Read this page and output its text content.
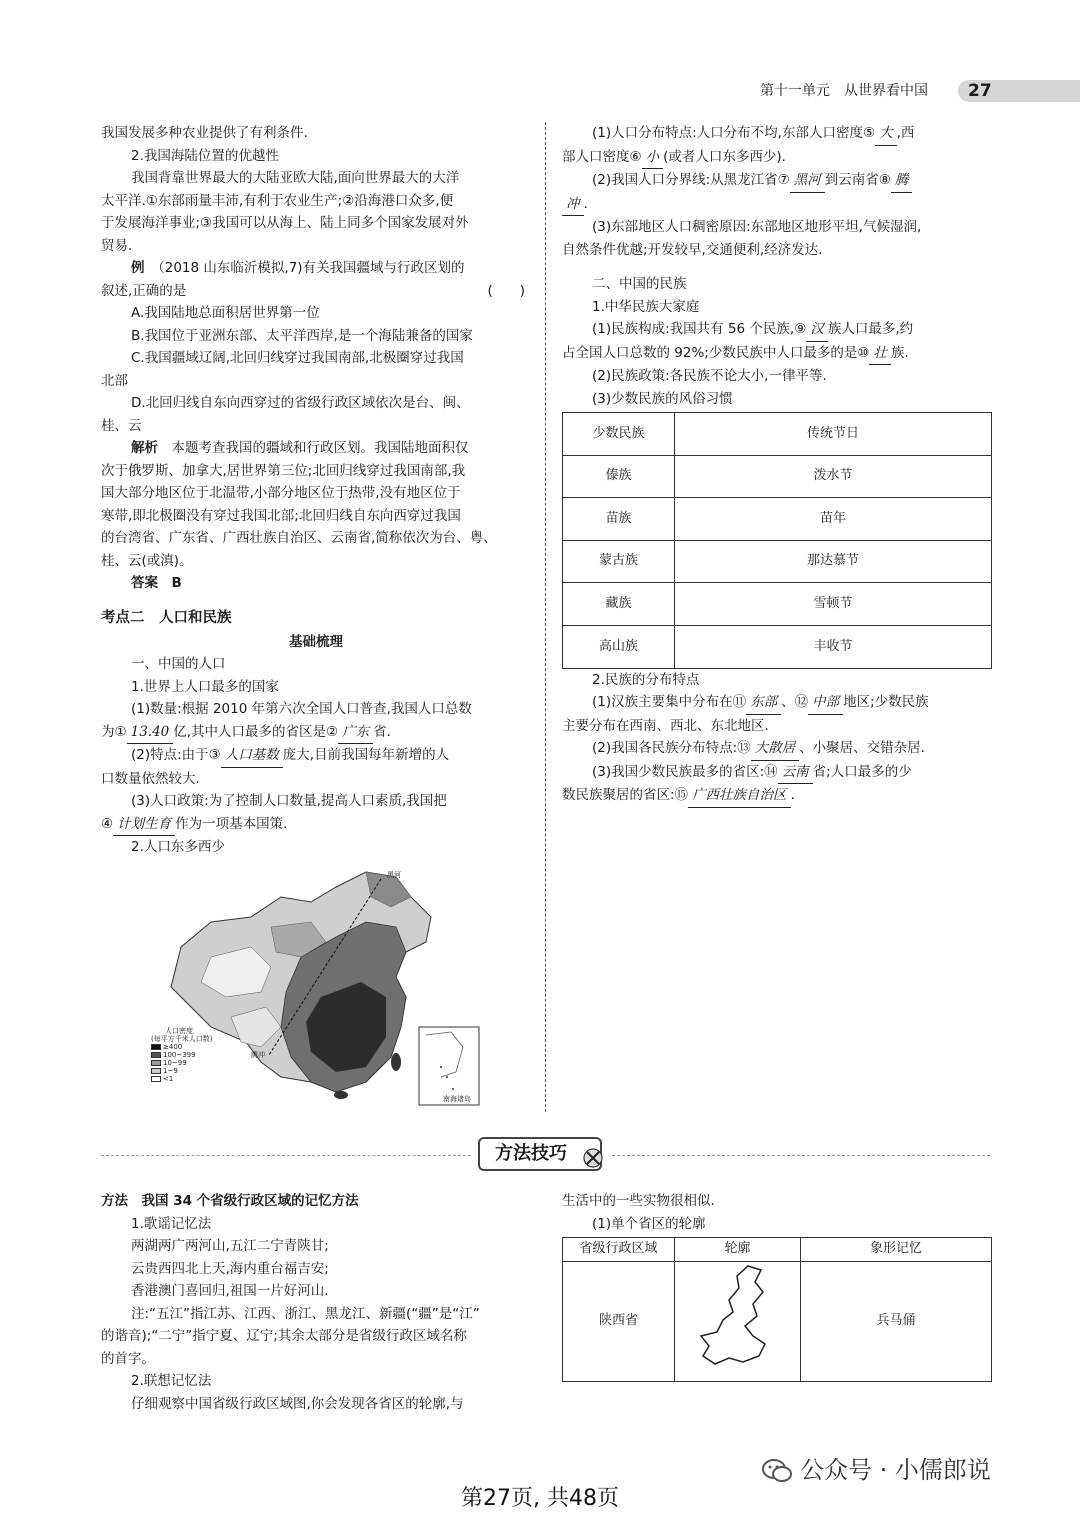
第十一单元　从世界看中国 27
我国发展多种农业提供了有利条件.
2.我国海陆位置的优越性
我国背靠世界最大的大陆亚欧大陆,面向世界最大的大洋
太平洋.①东部雨量丰沛,有利于农业生产;②沿海港口众多,便
于发展海洋事业;③我国可以从海上、陆上同多个国家发展对外
贸易.
例　 （2018 山东临沂模拟,7)有关我国疆域与行政区划的
叙述,正确的是	(　　)
A.我国陆地总面积居世界第一位
B.我国位于亚洲东部、太平洋西岸,是一个海陆兼备的国家
C.我国疆域辽阔,北回归线穿过我国南部,北极圈穿过我国
北部
D.北回归线自东向西穿过的省级行政区域依次是台、闽、
桂、云
解析　 本题考查我国的疆域和行政区划。我国陆地面积仅
次于俄罗斯、加拿大,居世界第三位;北回归线穿过我国南部,我
国大部分地区位于北温带,小部分地区位于热带,没有地区位于
寒带,即北极圈没有穿过我国北部;北回归线自东向西穿过我国
的台湾省、广东省、广西壮族自治区、云南省,简称依次为台、粤、
桂、云(或滇)。
答案　 B
考点二　人口和民族
基础梳理
一、中国的人口
1.世界上人口最多的国家
(1)数量:根据 2010 年第六次全国人口普查,我国人口总数
为① 13.40 亿,其中人口最多的省区是② 广东 省.
(2)特点:由于③ 人口基数 庞大,目前我国每年新增的人
口数量依然较大.
(3)人口政策:为了控制人口数量,提高人口素质,我国把
④ 计划生育 作为一项基本国策.
2.人口东多西少
黑河
腾冲
南海诸岛
人口密度
(每平方千米人口数)
≥400
100~399
10~99
1~9
<1
(1)人口分布特点:人口分布不均,东部人口密度⑤ 大 ,西
部人口密度⑥ 小 (或者人口东多西少).
(2)我国人口分界线:从黑龙江省⑦ 黑河 到云南省⑧ 腾
冲 .
(3)东部地区人口稠密原因:东部地区地形平坦,气候湿润,
自然条件优越;开发较早,交通便利,经济发达.
二、中国的民族
1.中华民族大家庭
(1)民族构成:我国共有 56 个民族,⑨ 汉 族人口最多,约
占全国人口总数的 92%;少数民族中人口最多的是⑩ 壮 族.
(2)民族政策:各民族不论大小,一律平等.
(3)少数民族的风俗习惯
少数民族	传统节日
傣族	泼水节
苗族	苗年
蒙古族	那达慕节
藏族	雪顿节
高山族	丰收节
2.民族的分布特点
(1)汉族主要集中分布在⑪ 东部 、⑫ 中部 地区;少数民族
主要分布在西南、西北、东北地区.
(2)我国各民族分布特点:⑬ 大散居 、小聚居、交错杂居.
(3)我国少数民族最多的省区:⑭ 云南 省;人口最多的少
数民族聚居的省区:⑮ 广西壮族自治区 .
方法技巧
方法　我国 34 个省级行政区域的记忆方法
1.歌谣记忆法
两湖两广两河山,五江二宁青陕甘;
云贵西四北上天,海内重台福吉安;
香港澳门喜回归,祖国一片好河山.
注:“五江”指江苏、江西、浙江、黑龙江、新疆(“疆”是“江”
的谐音);“二宁”指宁夏、辽宁;其余太部分是省级行政区域名称
的首字。
2.联想记忆法
仔细观察中国省级行政区域图,你会发现各省区的轮廓,与
生活中的一些实物很相似.
(1)单个省区的轮廓
省级行政区域	轮廓	象形记忆
陕西省		兵马俑
公众号 · 小儒郎说
第27页, 共48页
